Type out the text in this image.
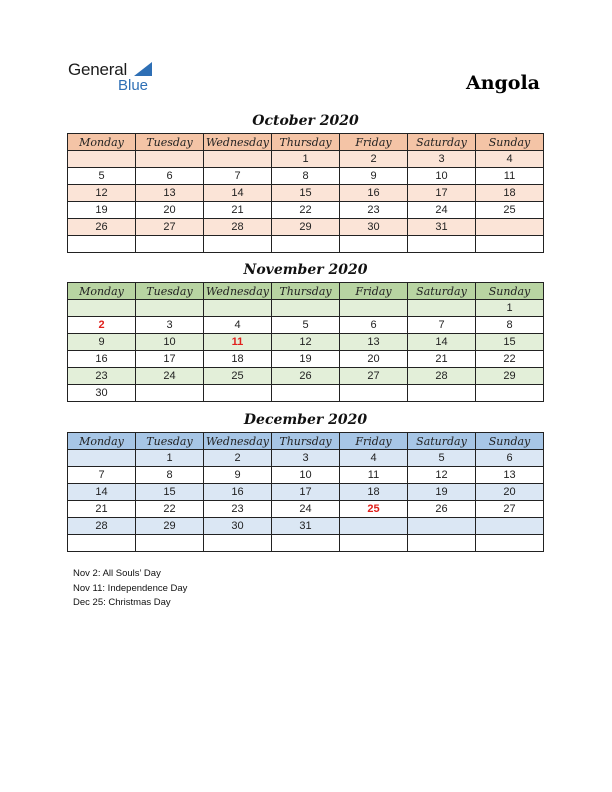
General
Blue	Angola
October 2020
Monday	Tuesday	Wednesday	Thursday	Friday	Saturday	Sunday
			1	2	3	4
5	6	7	8	9	10	11
12	13	14	15	16	17	18
19	20	21	22	23	24	25
26	27	28	29	30	31	

November 2020
Monday	Tuesday	Wednesday	Thursday	Friday	Saturday	Sunday
						1
2	3	4	5	6	7	8
9	10	11	12	13	14	15
16	17	18	19	20	21	22
23	24	25	26	27	28	29
30						
December 2020
Monday	Tuesday	Wednesday	Thursday	Friday	Saturday	Sunday
	1	2	3	4	5	6
7	8	9	10	11	12	13
14	15	16	17	18	19	20
21	22	23	24	25	26	27
28	29	30	31			

Nov 2: All Souls’ Day
Nov 11: Independence Day
Dec 25: Christmas Day
